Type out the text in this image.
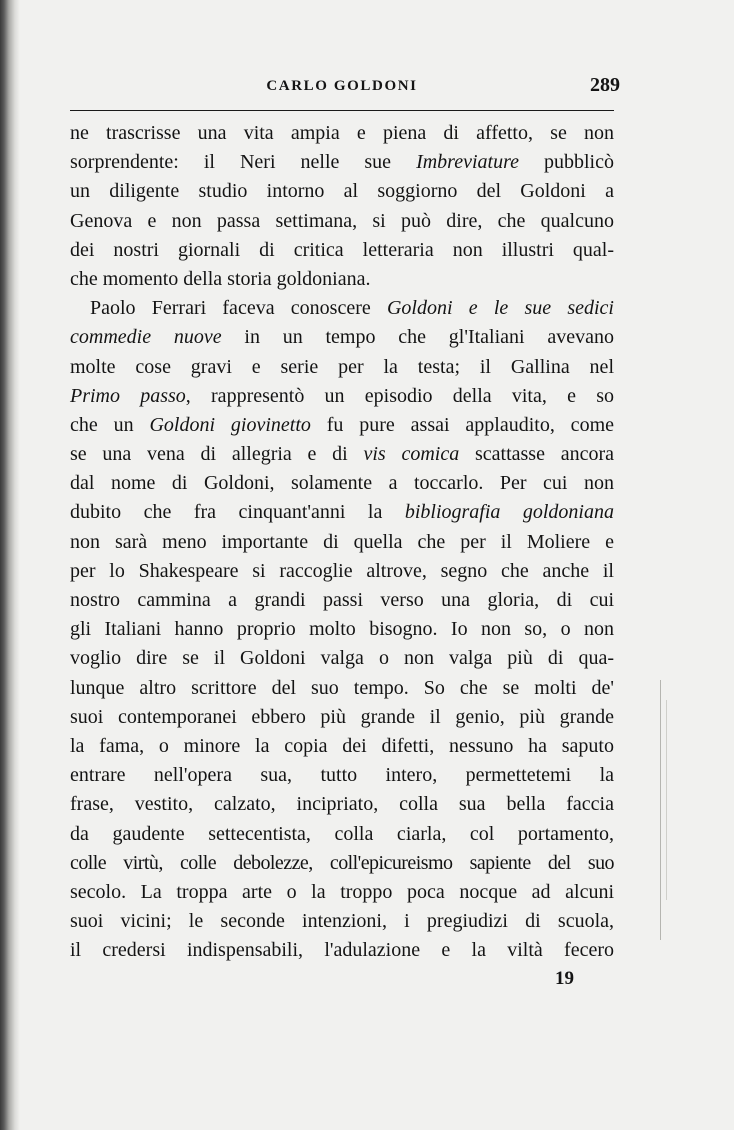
CARLO GOLDONI	289
ne trascrisse una vita ampia e piena di affetto, se non
sorprendente: il Neri nelle sue Imbreviature pubblicò
un diligente studio intorno al soggiorno del Goldoni a
Genova e non passa settimana, si può dire, che qualcuno
dei nostri giornali di critica letteraria non illustri qual-
che momento della storia goldoniana.
Paolo Ferrari faceva conoscere Goldoni e le sue sedici
commedie nuove in un tempo che gl'Italiani avevano
molte cose gravi e serie per la testa; il Gallina nel
Primo passo, rappresentò un episodio della vita, e so
che un Goldoni giovinetto fu pure assai applaudito, come
se una vena di allegria e di vis comica scattasse ancora
dal nome di Goldoni, solamente a toccarlo. Per cui non
dubito che fra cinquant'anni la bibliografia goldoniana
non sarà meno importante di quella che per il Moliere e
per lo Shakespeare si raccoglie altrove, segno che anche il
nostro cammina a grandi passi verso una gloria, di cui
gli Italiani hanno proprio molto bisogno. Io non so, o non
voglio dire se il Goldoni valga o non valga più di qua-
lunque altro scrittore del suo tempo. So che se molti de'
suoi contemporanei ebbero più grande il genio, più grande
la fama, o minore la copia dei difetti, nessuno ha saputo
entrare nell'opera sua, tutto intero, permettetemi la
frase, vestito, calzato, incipriato, colla sua bella faccia
da gaudente settecentista, colla ciarla, col portamento,
colle virtù, colle debolezze, coll'epicureismo sapiente del suo
secolo. La troppa arte o la troppo poca nocque ad alcuni
suoi vicini; le seconde intenzioni, i pregiudizi di scuola,
il credersi indispensabili, l'adulazione e la viltà fecero
19
